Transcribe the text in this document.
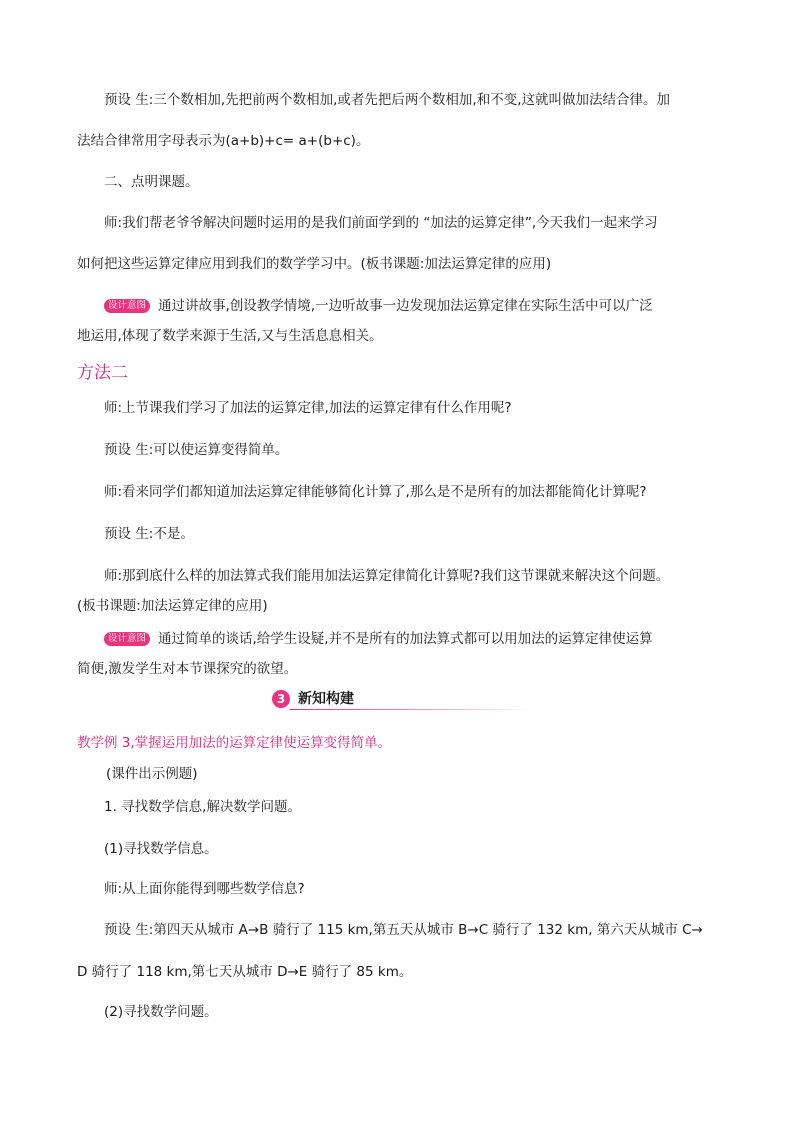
预设 生:三个数相加,先把前两个数相加,或者先把后两个数相加,和不变,这就叫做加法结合律。加
法结合律常用字母表示为(a+b)+c= a+(b+c)。
二、点明课题。
师:我们帮老爷爷解决问题时运用的是我们前面学到的 “加法的运算定律”,今天我们一起来学习
如何把这些运算定律应用到我们的数学学习中。(板书课题:加法运算定律的应用)
设计意图 通过讲故事,创设教学情境,一边听故事一边发现加法运算定律在实际生活中可以广泛
地运用,体现了数学来源于生活,又与生活息息相关。
方法二
师:上节课我们学习了加法的运算定律,加法的运算定律有什么作用呢?
预设 生:可以使运算变得简单。
师:看来同学们都知道加法运算定律能够简化计算了,那么是不是所有的加法都能简化计算呢?
预设 生:不是。
师:那到底什么样的加法算式我们能用加法运算定律简化计算呢?我们这节课就来解决这个问题。
(板书课题:加法运算定律的应用)
设计意图 通过简单的谈话,给学生设疑,并不是所有的加法算式都可以用加法的运算定律使运算
简便,激发学生对本节课探究的欲望。
3 新知构建
教学例 3,掌握运用加法的运算定律使运算变得简单。
(课件出示例题)
1. 寻找数学信息,解决数学问题。
(1)寻找数学信息。
师:从上面你能得到哪些数学信息?
预设 生:第四天从城市 A→B 骑行了 115 km,第五天从城市 B→C 骑行了 132 km, 第六天从城市 C→
D 骑行了 118 km,第七天从城市 D→E 骑行了 85 km。
(2)寻找数学问题。
